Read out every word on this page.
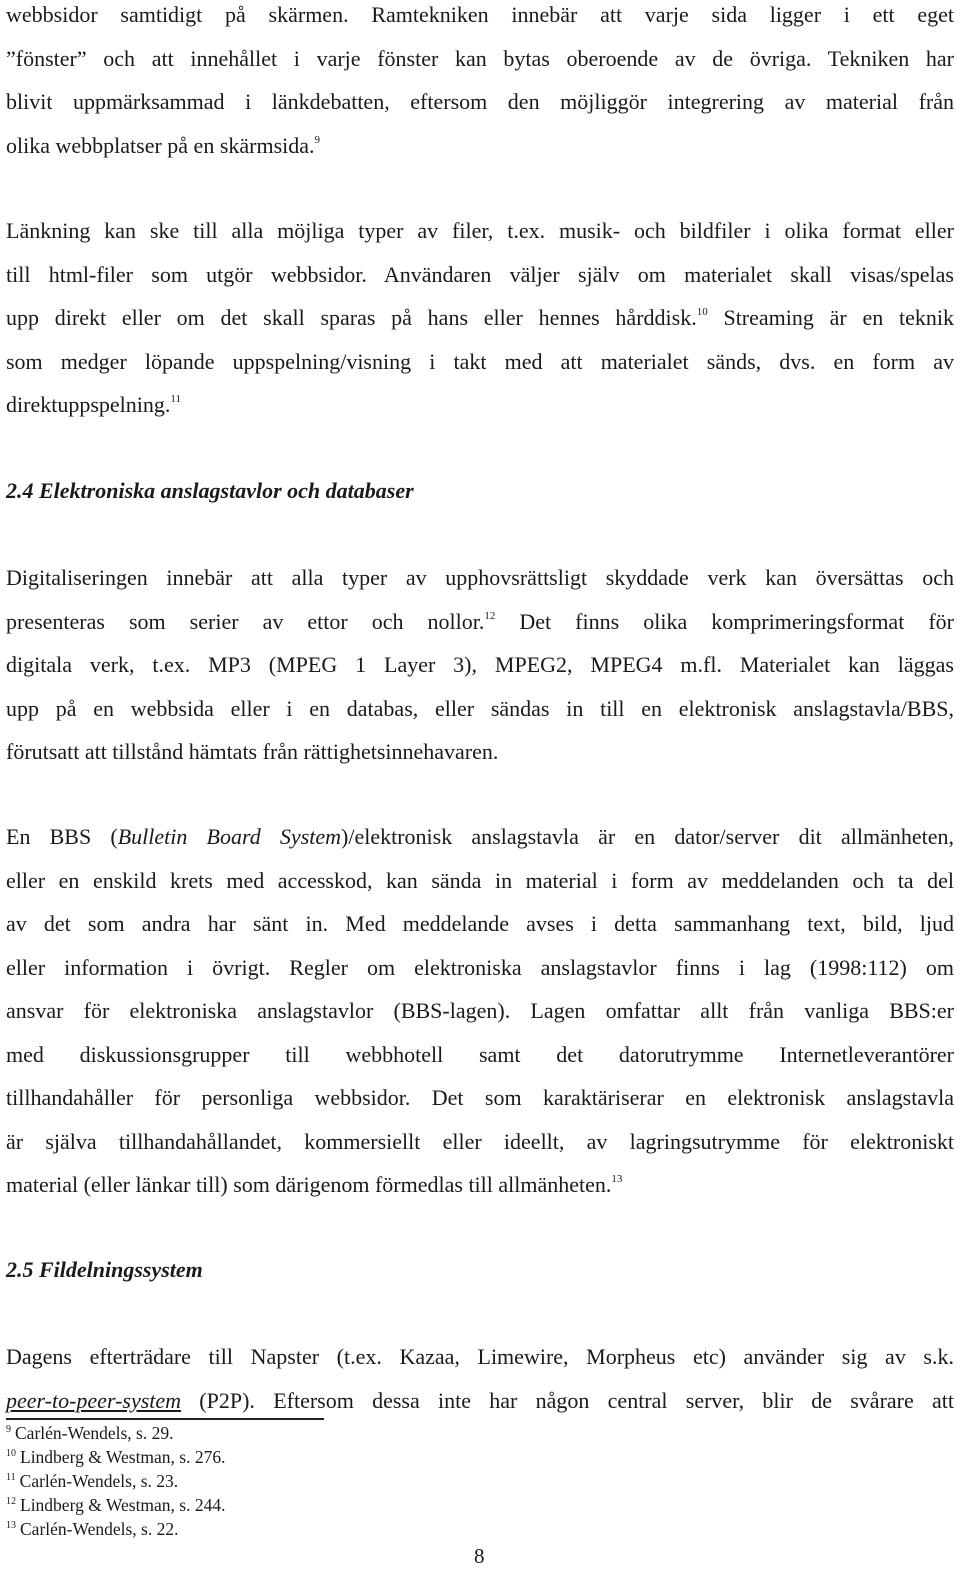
webbsidor samtidigt på skärmen. Ramtekniken innebär att varje sida ligger i ett eget
”fönster” och att innehållet i varje fönster kan bytas oberoende av de övriga. Tekniken har
blivit uppmärksammad i länkdebatten, eftersom den möjliggör integrering av material från
olika webbplatser på en skärmsida.$^9$
Länkning kan ske till alla möjliga typer av filer, t.ex. musik- och bildfiler i olika format eller
till html-filer som utgör webbsidor. Användaren väljer själv om materialet skall visas/spelas
upp direkt eller om det skall sparas på hans eller hennes hårddisk.$^{10}$ Streaming är en teknik
som medger löpande uppspelning/visning i takt med att materialet sänds, dvs. en form av
direktuppspelning.$^{11}$
2.4 Elektroniska anslagstavlor och databaser
Digitaliseringen innebär att alla typer av upphovsrättsligt skyddade verk kan översättas och
presenteras som serier av ettor och nollor.$^{12}$ Det finns olika komprimeringsformat för
digitala verk, t.ex. MP3 (MPEG 1 Layer 3), MPEG2, MPEG4 m.fl. Materialet kan läggas
upp på en webbsida eller i en databas, eller sändas in till en elektronisk anslagstavla/BBS,
förutsatt att tillstånd hämtats från rättighetsinnehavaren.
En BBS (Bulletin Board System)/elektronisk anslagstavla är en dator/server dit allmänheten,
eller en enskild krets med accesskod, kan sända in material i form av meddelanden och ta del
av det som andra har sänt in. Med meddelande avses i detta sammanhang text, bild, ljud
eller information i övrigt. Regler om elektroniska anslagstavlor finns i lag (1998:112) om
ansvar för elektroniska anslagstavlor (BBS-lagen). Lagen omfattar allt från vanliga BBS:er
med diskussionsgrupper till webbhotell samt det datorutrymme Internetleverantörer
tillhandahåller för personliga webbsidor. Det som karaktäriserar en elektronisk anslagstavla
är själva tillhandahållandet, kommersiellt eller ideellt, av lagringsutrymme för elektroniskt
material (eller länkar till) som därigenom förmedlas till allmänheten.$^{13}$
2.5 Fildelningssystem
Dagens efterträdare till Napster (t.ex. Kazaa, Limewire, Morpheus etc) använder sig av s.k.
peer-to-peer-system (P2P). Eftersom dessa inte har någon central server, blir de svårare att
$^9$ Carlén-Wendels, s. 29.
$^{10}$ Lindberg & Westman, s. 276.
$^{11}$ Carlén-Wendels, s. 23.
$^{12}$ Lindberg & Westman, s. 244.
$^{13}$ Carlén-Wendels, s. 22.
8
